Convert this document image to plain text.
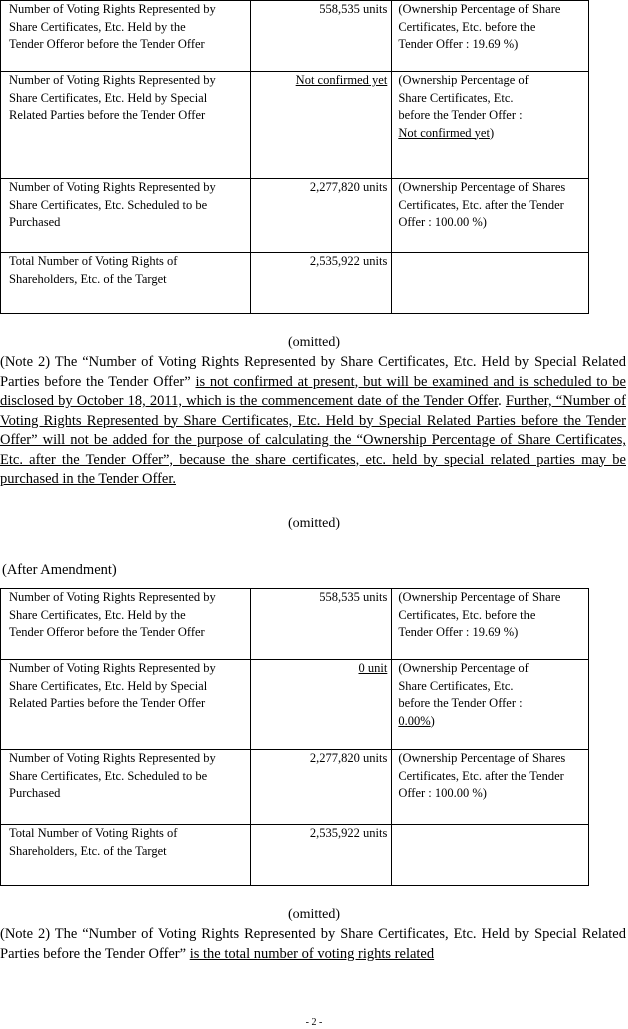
Number of Voting Rights Represented by Share Certificates, Etc. Held by the Tender Offeror before the Tender Offer	558,535 units	(Ownership Percentage of Share Certificates, Etc. before the Tender Offer : 19.69 %)

Number of Voting Rights Represented by Share Certificates, Etc. Held by Special Related Parties before the Tender Offer	Not confirmed yet	(Ownership Percentage of Share Certificates, Etc. before the Tender Offer : Not confirmed yet)

Number of Voting Rights Represented by Share Certificates, Etc. Scheduled to be Purchased	2,277,820 units	(Ownership Percentage of Shares Certificates, Etc. after the Tender Offer : 100.00 %)

Total Number of Voting Rights of Shareholders, Etc. of the Target	2,535,922 units	
(omitted)
(Note 2) The “Number of Voting Rights Represented by Share Certificates, Etc. Held by Special Related Parties before the Tender Offer” is not confirmed at present, but will be examined and is scheduled to be disclosed by October 18, 2011, which is the commencement date of the Tender Offer. Further, “Number of Voting Rights Represented by Share Certificates, Etc. Held by Special Related Parties before the Tender Offer” will not be added for the purpose of calculating the “Ownership Percentage of Share Certificates, Etc. after the Tender Offer”, because the share certificates, etc. held by special related parties may be purchased in the Tender Offer.
(omitted)
(After Amendment)
Number of Voting Rights Represented by Share Certificates, Etc. Held by the Tender Offeror before the Tender Offer	558,535 units	(Ownership Percentage of Share Certificates, Etc. before the Tender Offer : 19.69 %)

Number of Voting Rights Represented by Share Certificates, Etc. Held by Special Related Parties before the Tender Offer	0 unit	(Ownership Percentage of Share Certificates, Etc. before the Tender Offer : 0.00%)

Number of Voting Rights Represented by Share Certificates, Etc. Scheduled to be Purchased	2,277,820 units	(Ownership Percentage of Shares Certificates, Etc. after the Tender Offer : 100.00 %)

Total Number of Voting Rights of Shareholders, Etc. of the Target	2,535,922 units	
(omitted)
(Note 2) The “Number of Voting Rights Represented by Share Certificates, Etc. Held by Special Related Parties before the Tender Offer” is the total number of voting rights related
- 2 -
